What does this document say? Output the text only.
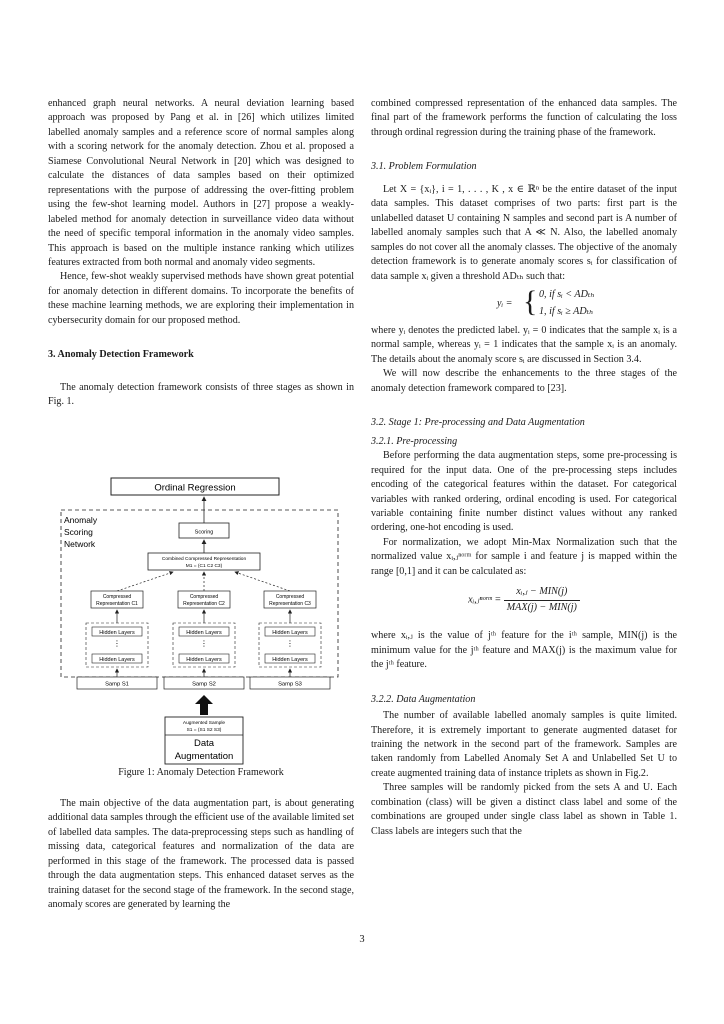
enhanced graph neural networks. A neural deviation learning based approach was proposed by Pang et al. in [26] which utilizes limited labelled anomaly samples and a reference score of normal samples along with a scoring network for the anomaly detection. Zhou et al. proposed a Siamese Convolutional Neural Network in [20] which was designed to calculate the distances of data samples based on their optimized representations with the purpose of addressing the over-fitting problem using the few-shot learning model. Authors in [27] propose a weakly-labeled method for anomaly detection in surveillance video data without the need of specific temporal information in the anomaly video samples. This approach is based on the multiple instance ranking which utilizes features extracted from both normal and anomaly video segments.

Hence, few-shot weakly supervised methods have shown great potential for anomaly detection in different domains. To incorporate the benefits of these machine learning methods, we are exploring their implementation in cybersecurity domain for our proposed method.

3. Anomaly Detection Framework

The anomaly detection framework consists of three stages as shown in Fig. 1.

Ordinal Regression
Anomaly
Scoring
Network
Scoring
Combined Compressed Representation
M1 = (C1 C2 C3)
Compressed
Representation C1
Compressed
Representation C2
Compressed
Representation C3
Hidden Layers
⋮
Hidden Layers
Hidden Layers
⋮
Hidden Layers
Hidden Layers
⋮
Hidden Layers
Samp S1	Samp S2	Samp S3
Augmented Sample
S1 = (S1 S2 S3)
Data
Augmentation
Figure 1: Anomaly Detection Framework

The main objective of the data augmentation part, is about generating additional data samples through the efficient use of the available limited set of labelled data samples. The data-preprocessing steps such as handling of missing data, categorical features and normalization of the data are performed in this stage of the framework. The processed data is passed through the data augmentation steps. This enhanced dataset serves as the training dataset for the second stage of the framework. In the second stage, anomaly scores are generated by learning the

combined compressed representation of the enhanced data samples. The final part of the framework performs the function of calculating the loss through ordinal regression during the training phase of the framework.

3.1. Problem Formulation

Let X = {xᵢ}, i = 1, . . . , K , x ∈ ℝⁿ be the entire dataset of the input data samples. This dataset comprises of two parts: first part is the unlabelled dataset U containing N samples and second part is A number of labelled anomaly samples such that A ≪ N. Also, the labelled anomaly samples do not cover all the anomaly classes. The objective of the anomaly detection framework is to generate anomaly scores sᵢ for classification of data sample xᵢ given a threshold ADₜₕ such that:

yᵢ = { 0, if sᵢ < ADₜₕ
1, if sᵢ ≥ ADₜₕ

where yᵢ denotes the predicted label. yᵢ = 0 indicates that the sample xᵢ is a normal sample, whereas yᵢ = 1 indicates that the sample xᵢ is an anomaly. The details about the anomaly score sᵢ are discussed in Section 3.4.

We will now describe the enhancements to the three stages of the anomaly detection framework compared to [23].

3.2. Stage 1: Pre-processing and Data Augmentation

3.2.1. Pre-processing

Before performing the data augmentation steps, some pre-processing is required for the input data. One of the pre-processing steps includes encoding of the categorical features within the dataset. For categorical variables with ranked ordering, ordinal encoding is used. For categorical variable containing finite number distinct values without any ranked ordering, one-hot encoding is used.

For normalization, we adopt Min-Max Normalization such that the normalized value xᵢ,ⱼⁿᵒʳᵐ for sample i and feature j is mapped within the range [0,1] and it can be calculated as:

xᵢ,ⱼⁿᵒʳᵐ = $\frac{\text{xᵢ,ⱼ − MIN(j)}}{\text{MAX(j) − MIN(j)}}$

where xᵢ,ⱼ is the value of jᵗʰ feature for the iᵗʰ sample, MIN(j) is the minimum value for the jᵗʰ feature and MAX(j) is the maximum value for the jᵗʰ feature.

3.2.2. Data Augmentation

The number of available labelled anomaly samples is quite limited. Therefore, it is extremely important to generate augmented dataset for training the network in the second part of the framework. Samples are taken randomly from Labelled Anomaly Set A and Unlabelled Set U to create augmented training data of instance triplets as shown in Fig.2.

Three samples will be randomly picked from the sets A and U. Each combination (class) will be given a distinct class label and some of the combinations are grouped under single class label as shown in Table 1. Class labels are integers such that the

3
